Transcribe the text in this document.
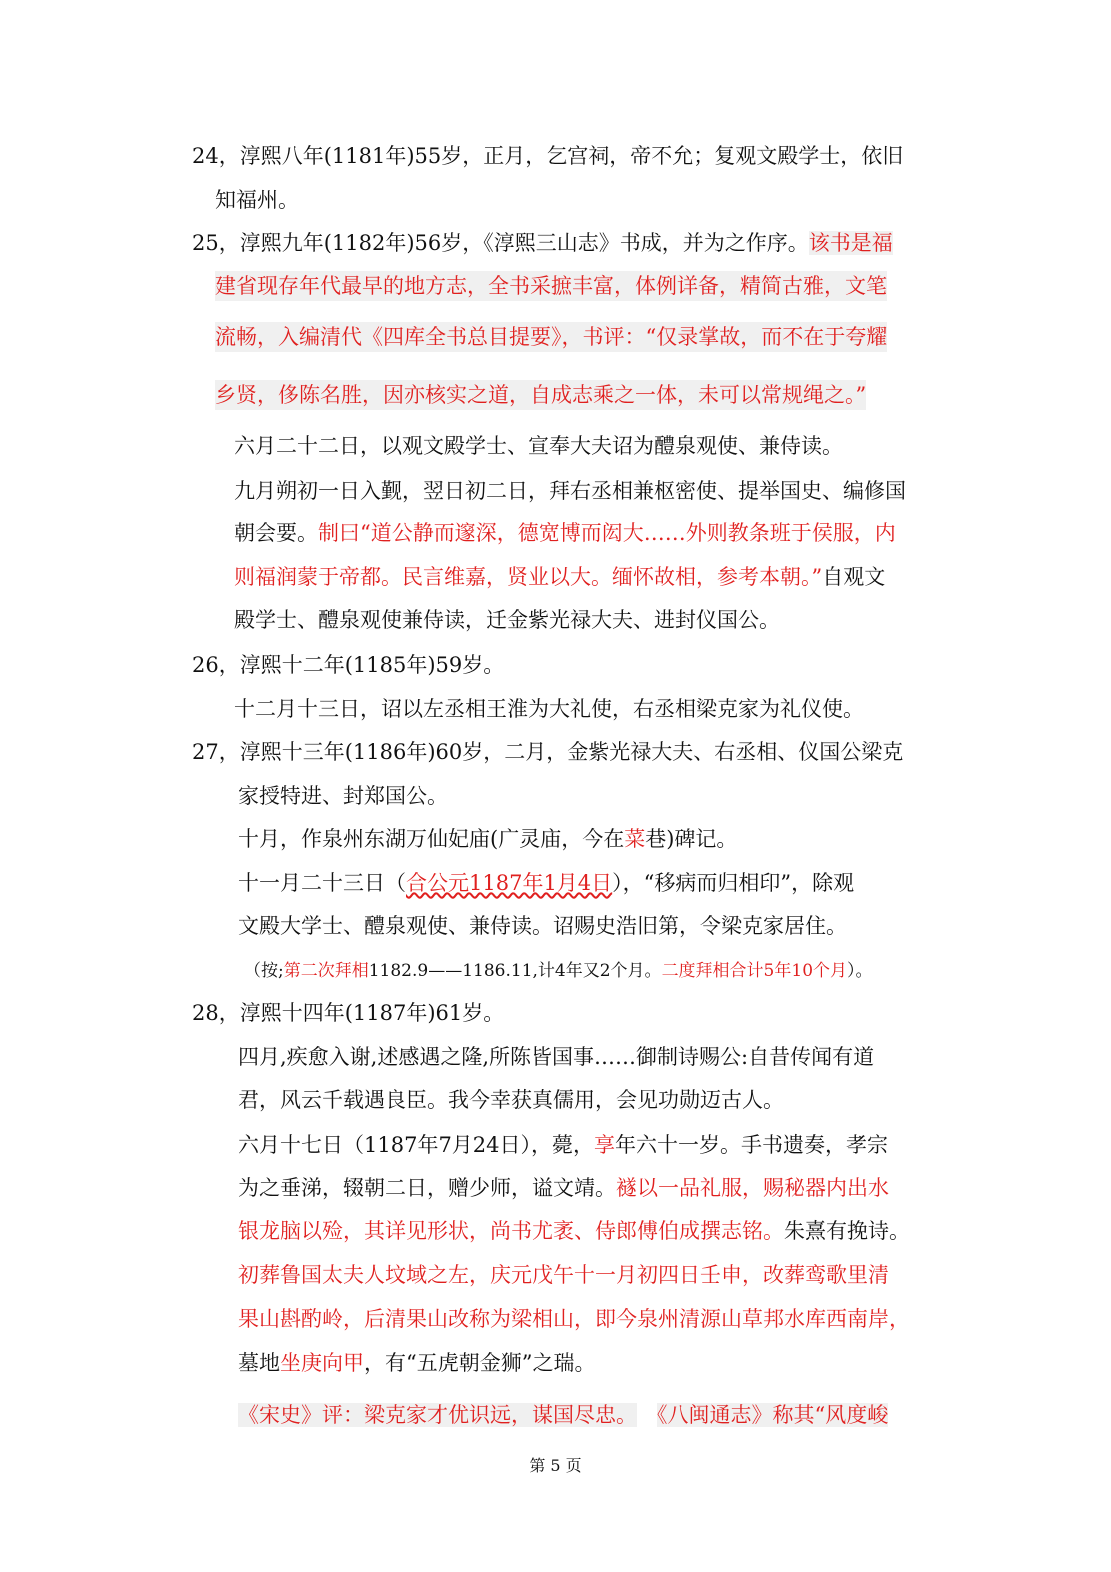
24，淳熙八年(1181年)55岁，正月，乞宫祠，帝不允；复观文殿学士，依旧
知福州。
25，淳熙九年(1182年)56岁，《淳熙三山志》书成，并为之作序。该书是福
建省现存年代最早的地方志，全书采摭丰富，体例详备，精简古雅，文笔
流畅，入编清代《四库全书总目提要》，书评：“仅录掌故，而不在于夸耀
乡贤，侈陈名胜，因亦核实之道，自成志乘之一体，未可以常规绳之。”
六月二十二日，以观文殿学士、宣奉大夫诏为醴泉观使、兼侍读。
九月朔初一日入觐，翌日初二日，拜右丞相兼枢密使、提举国史、编修国
朝会要。制曰“道公静而邃深，德宽博而闳大……外则教条班于侯服，内
则福润蒙于帝都。民言维嘉，贤业以大。缅怀故相，参考本朝。”自观文
殿学士、醴泉观使兼侍读，迁金紫光禄大夫、进封仪国公。
26，淳熙十二年(1185年)59岁。
十二月十三日，诏以左丞相王淮为大礼使，右丞相梁克家为礼仪使。
27，淳熙十三年(1186年)60岁，二月，金紫光禄大夫、右丞相、仪国公梁克
家授特进、封郑国公。
十月，作泉州东湖万仙妃庙(广灵庙，今在菜巷)碑记。
十一月二十三日（合公元1187年1月4日），“移病而归相印”，除观
文殿大学士、醴泉观使、兼侍读。诏赐史浩旧第，令梁克家居住。
（按;第二次拜相1182.9——1186.11,计4年又2个月。二度拜相合计5年10个月）。
28，淳熙十四年(1187年)61岁。
四月,疾愈入谢,述感遇之隆,所陈皆国事……御制诗赐公:自昔传闻有道
君，风云千载遇良臣。我今幸获真儒用，会见功勋迈古人。
六月十七日（1187年7月24日），薨，享年六十一岁。手书遗奏，孝宗
为之垂涕，辍朝二日，赠少师，谥文靖。襚以一品礼服，赐秘器内出水
银龙脑以殓，其详见形状，尚书尤袤、侍郎傅伯成撰志铭。朱熹有挽诗。
初葬鲁国太夫人坟域之左，庆元戊午十一月初四日壬申，改葬鸾歌里清
果山斟酌岭，后清果山改称为梁相山，即今泉州清源山草邦水库西南岸，
墓地坐庚向甲，有“五虎朝金狮”之瑞。
《宋史》评：梁克家才优识远，谋国尽忠。 《八闽通志》称其“风度峻
第 5 页
